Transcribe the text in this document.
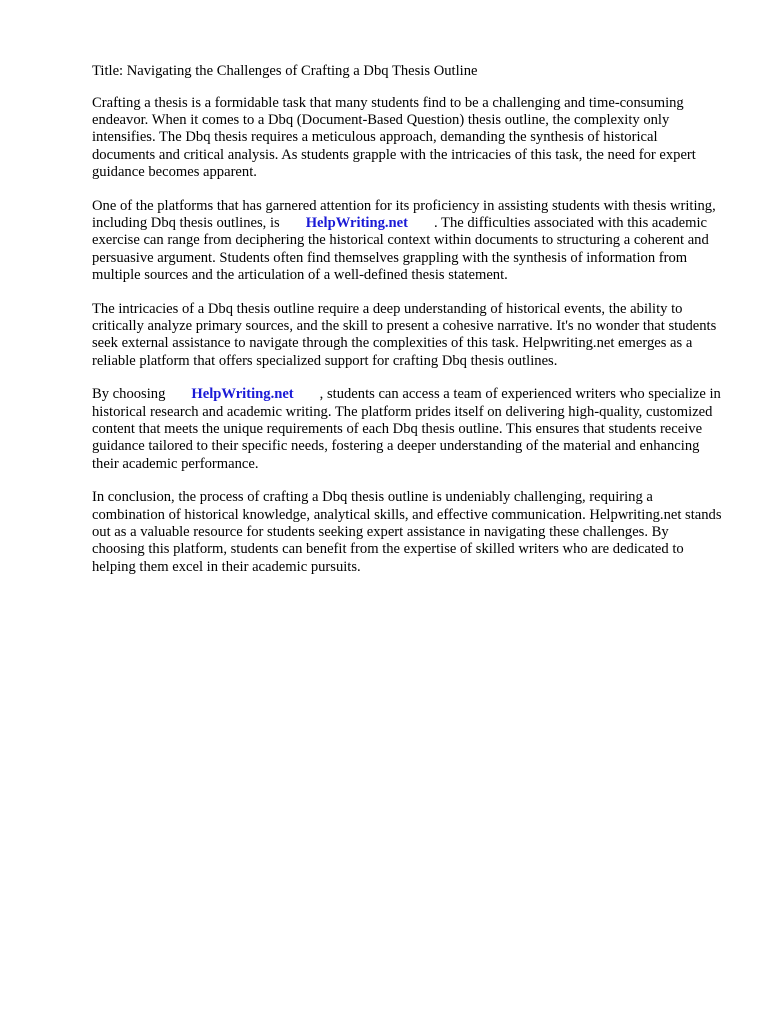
Title: Navigating the Challenges of Crafting a Dbq Thesis Outline

Crafting a thesis is a formidable task that many students find to be a challenging and time-consuming endeavor. When it comes to a Dbq (Document-Based Question) thesis outline, the complexity only intensifies. The Dbq thesis requires a meticulous approach, demanding the synthesis of historical documents and critical analysis. As students grapple with the intricacies of this task, the need for expert guidance becomes apparent.

One of the platforms that has garnered attention for its proficiency in assisting students with thesis writing, including Dbq thesis outlines, is HelpWriting.net . The difficulties associated with this academic exercise can range from deciphering the historical context within documents to structuring a coherent and persuasive argument. Students often find themselves grappling with the synthesis of information from multiple sources and the articulation of a well-defined thesis statement.

The intricacies of a Dbq thesis outline require a deep understanding of historical events, the ability to critically analyze primary sources, and the skill to present a cohesive narrative. It's no wonder that students seek external assistance to navigate through the complexities of this task. Helpwriting.net emerges as a reliable platform that offers specialized support for crafting Dbq thesis outlines.

By choosing HelpWriting.net , students can access a team of experienced writers who specialize in historical research and academic writing. The platform prides itself on delivering high-quality, customized content that meets the unique requirements of each Dbq thesis outline. This ensures that students receive guidance tailored to their specific needs, fostering a deeper understanding of the material and enhancing their academic performance.

In conclusion, the process of crafting a Dbq thesis outline is undeniably challenging, requiring a combination of historical knowledge, analytical skills, and effective communication. Helpwriting.net stands out as a valuable resource for students seeking expert assistance in navigating these challenges. By choosing this platform, students can benefit from the expertise of skilled writers who are dedicated to helping them excel in their academic pursuits.
